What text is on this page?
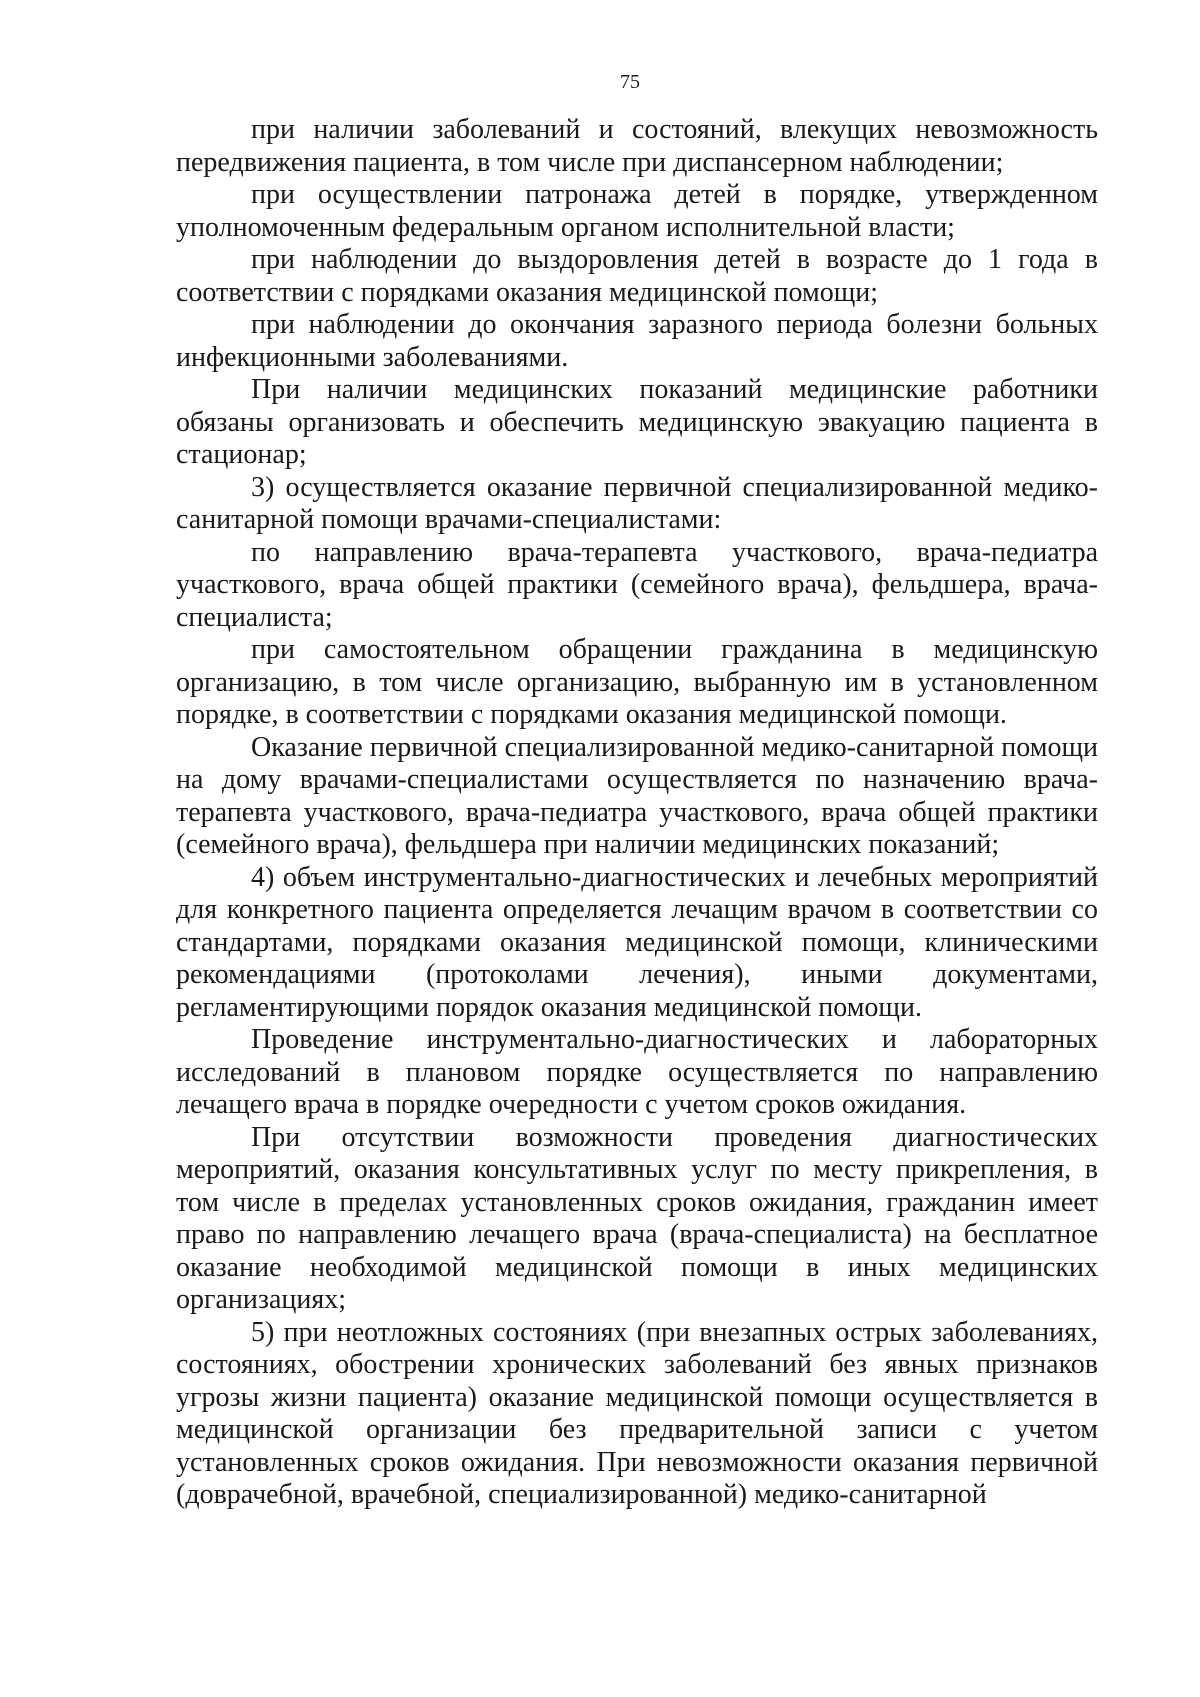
75

при наличии заболеваний и состояний, влекущих невозможность передвижения пациента, в том числе при диспансерном наблюдении;

при осуществлении патронажа детей в порядке, утвержденном уполномоченным федеральным органом исполнительной власти;

при наблюдении до выздоровления детей в возрасте до 1 года в соответствии с порядками оказания медицинской помощи;

при наблюдении до окончания заразного периода болезни больных инфекционными заболеваниями.

При наличии медицинских показаний медицинские работники обязаны организовать и обеспечить медицинскую эвакуацию пациента в стационар;

3) осуществляется оказание первичной специализированной медико-санитарной помощи врачами-специалистами:

по направлению врача-терапевта участкового, врача-педиатра участкового, врача общей практики (семейного врача), фельдшера, врача-специалиста;

при самостоятельном обращении гражданина в медицинскую организацию, в том числе организацию, выбранную им в установленном порядке, в соответствии с порядками оказания медицинской помощи.

Оказание первичной специализированной медико-санитарной помощи на дому врачами-специалистами осуществляется по назначению врача-терапевта участкового, врача-педиатра участкового, врача общей практики (семейного врача), фельдшера при наличии медицинских показаний;

4) объем инструментально-диагностических и лечебных мероприятий для конкретного пациента определяется лечащим врачом в соответствии со стандартами, порядками оказания медицинской помощи, клиническими рекомендациями (протоколами лечения), иными документами, регламентирующими порядок оказания медицинской помощи.

Проведение инструментально-диагностических и лабораторных исследований в плановом порядке осуществляется по направлению лечащего врача в порядке очередности с учетом сроков ожидания.

При отсутствии возможности проведения диагностических мероприятий, оказания консультативных услуг по месту прикрепления, в том числе в пределах установленных сроков ожидания, гражданин имеет право по направлению лечащего врача (врача-специалиста) на бесплатное оказание необходимой медицинской помощи в иных медицинских организациях;

5) при неотложных состояниях (при внезапных острых заболеваниях, состояниях, обострении хронических заболеваний без явных признаков угрозы жизни пациента) оказание медицинской помощи осуществляется в медицинской организации без предварительной записи с учетом установленных сроков ожидания. При невозможности оказания первичной (доврачебной, врачебной, специализированной) медико-санитарной
